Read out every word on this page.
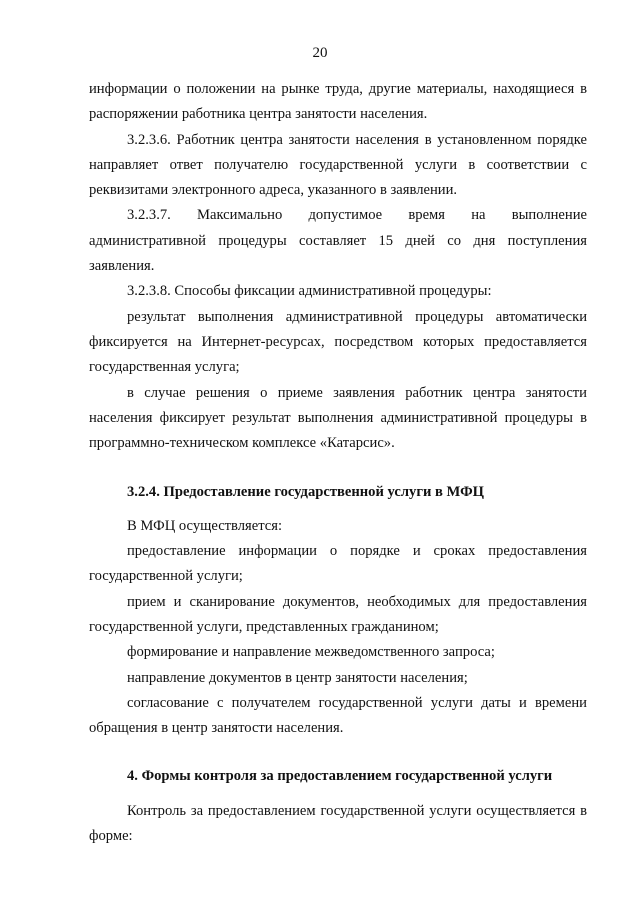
20

информации о положении на рынке труда, другие материалы, находящиеся в распоряжении работника центра занятости населения.

3.2.3.6. Работник центра занятости населения в установленном порядке направляет ответ получателю государственной услуги в соответствии с реквизитами электронного адреса, указанного в заявлении.

3.2.3.7. Максимально допустимое время на выполнение административной процедуры составляет 15 дней со дня поступления заявления.

3.2.3.8. Способы фиксации административной процедуры:

результат выполнения административной процедуры автоматически фиксируется на Интернет-ресурсах, посредством которых предоставляется государственная услуга;

в случае решения о приеме заявления работник центра занятости населения фиксирует результат выполнения административной процедуры в программно-техническом комплексе «Катарсис».

3.2.4. Предоставление государственной услуги в МФЦ

В МФЦ осуществляется:

предоставление информации о порядке и сроках предоставления государственной услуги;

прием и сканирование документов, необходимых для предоставления государственной услуги, представленных гражданином;

формирование и направление межведомственного запроса;

направление документов в центр занятости населения;

согласование с получателем государственной услуги даты и времени обращения в центр занятости населения.

4. Формы контроля за предоставлением государственной услуги

Контроль за предоставлением государственной услуги осуществляется в форме:
